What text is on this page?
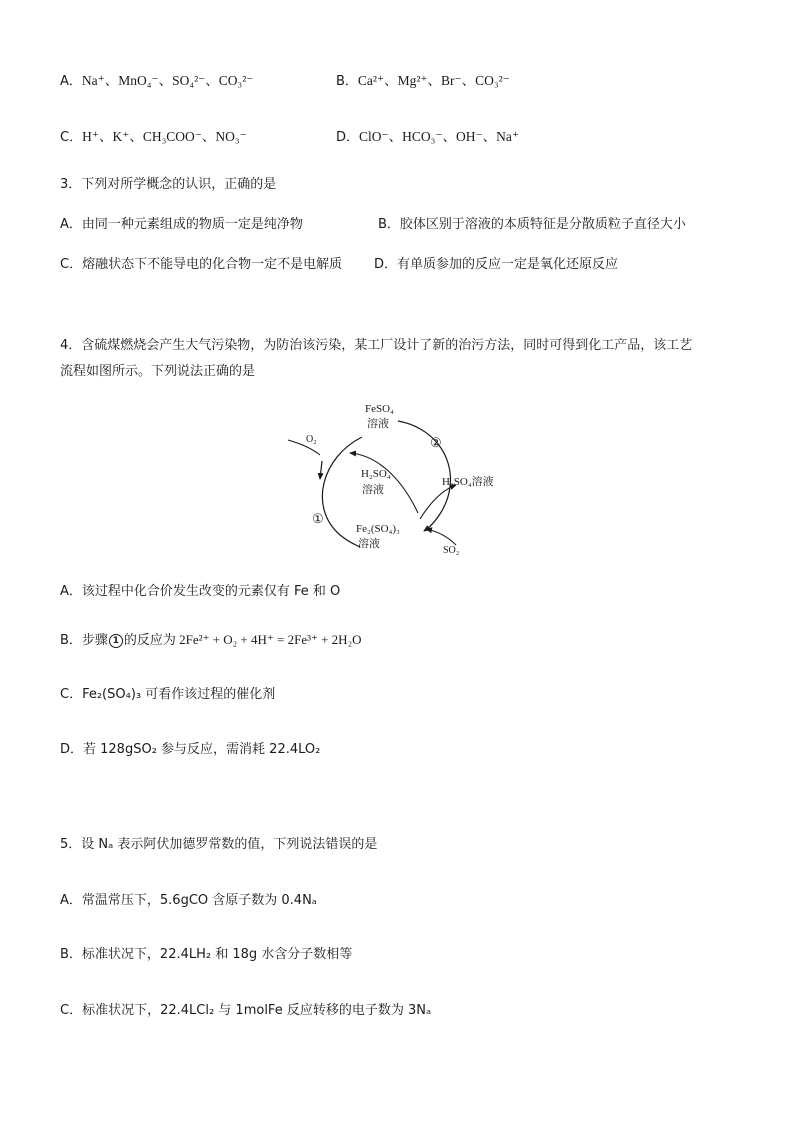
A．Na⁺、MnO₄⁻、SO₄²⁻、CO₃²⁻	B．Ca²⁺、Mg²⁺、Br⁻、CO₃²⁻
C．H⁺、K⁺、CH₃COO⁻、NO₃⁻	D．ClO⁻、HCO₃⁻、OH⁻、Na⁺
3．下列对所学概念的认识，正确的是
A．由同一种元素组成的物质一定是纯净物	B．胶体区别于溶液的本质特征是分散质粒子直径大小
C．熔融状态下不能导电的化合物一定不是电解质 D．有单质参加的反应一定是氧化还原反应
4．含硫煤燃烧会产生大气污染物，为防治该污染，某工厂设计了新的治污方法，同时可得到化工产品，该工艺
流程如图所示。下列说法正确的是
FeSO₄
溶液
O₂	②
H₂SO₄
溶液
H₂SO₄溶液
①
Fe₂(SO₄)₃
溶液
SO₂
A．该过程中化合价发生改变的元素仅有 Fe 和 O
B．步骤 1 的反应为 2Fe²⁺ + O₂ + 4H⁺ = 2Fe³⁺ + 2H₂O
C．Fe₂(SO₄)₃ 可看作该过程的催化剂
D．若 128gSO₂ 参与反应，需消耗 22.4LO₂
5．设 Nₐ 表示阿伏加德罗常数的值，下列说法错误的是
A．常温常压下，5.6gCO 含原子数为 0.4Nₐ
B．标准状况下，22.4LH₂ 和 18g 水含分子数相等
C．标准状况下，22.4LCl₂ 与 1molFe 反应转移的电子数为 3Nₐ
